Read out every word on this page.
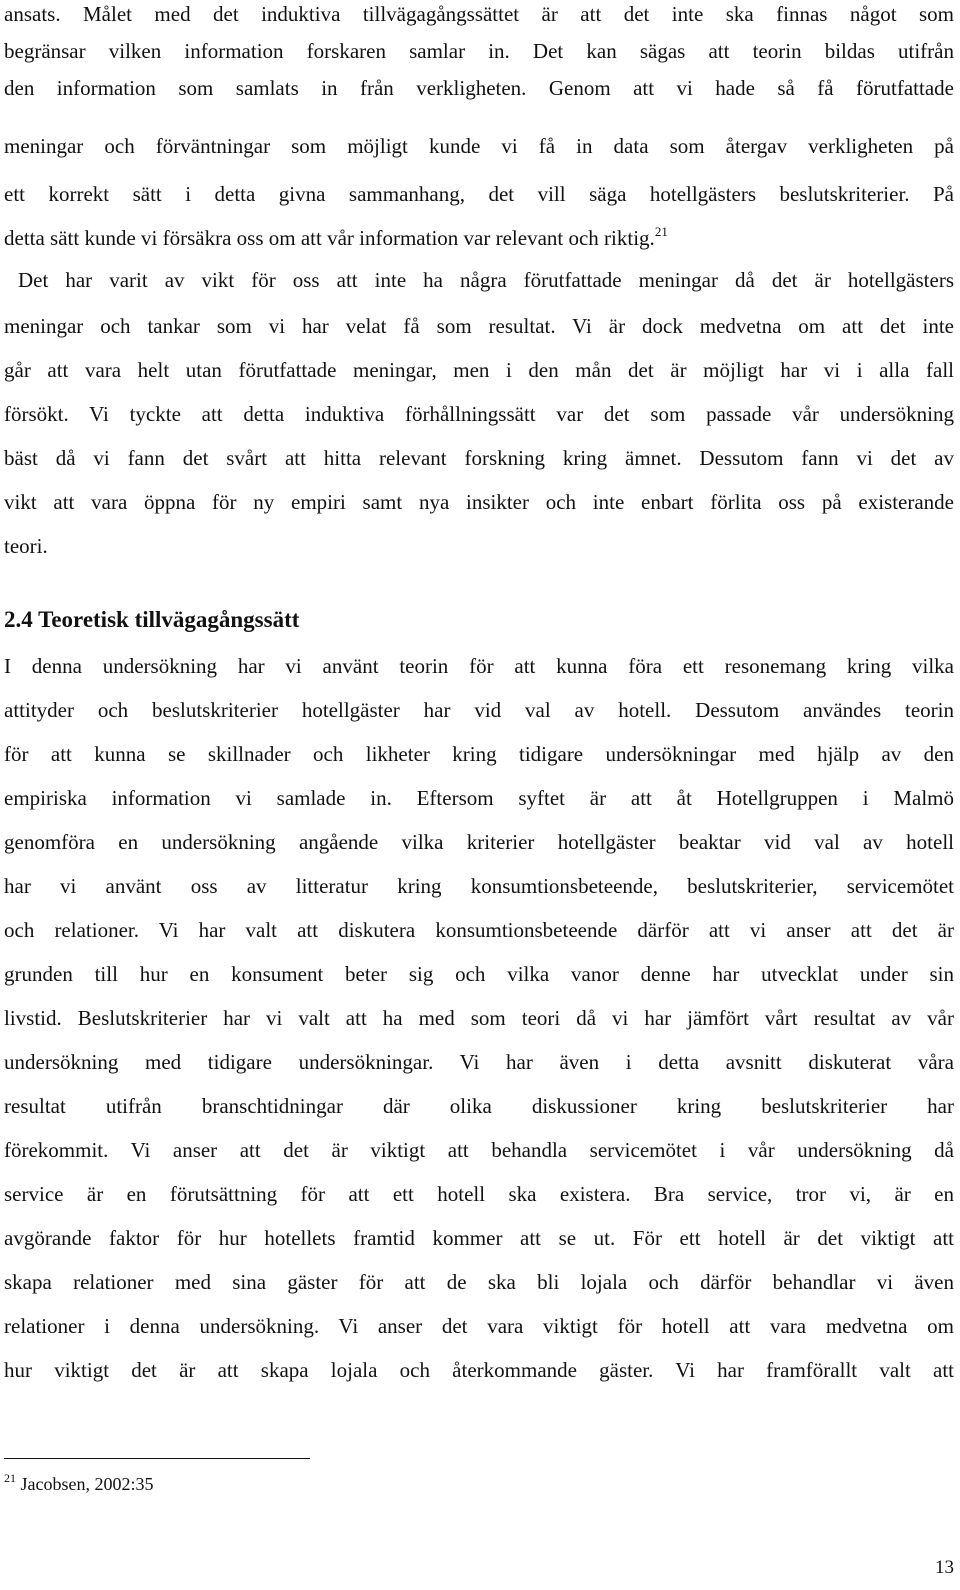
ansats. Målet med det induktiva tillvägagångssättet är att det inte ska finnas något som
begränsar vilken information forskaren samlar in. Det kan sägas att teorin bildas utifrån
den information som samlats in från verkligheten. Genom att vi hade så få förutfattade
meningar och förväntningar som möjligt kunde vi få in data som återgav verkligheten på
ett korrekt sätt i detta givna sammanhang, det vill säga hotellgästers beslutskriterier. På
detta sätt kunde vi försäkra oss om att vår information var relevant och riktig.$^{21}$
Det har varit av vikt för oss att inte ha några förutfattade meningar då det är hotellgästers
meningar och tankar som vi har velat få som resultat. Vi är dock medvetna om att det inte
går att vara helt utan förutfattade meningar, men i den mån det är möjligt har vi i alla fall
försökt. Vi tyckte att detta induktiva förhållningssätt var det som passade vår undersökning
bäst då vi fann det svårt att hitta relevant forskning kring ämnet. Dessutom fann vi det av
vikt att vara öppna för ny empiri samt nya insikter och inte enbart förlita oss på existerande
teori.
2.4 Teoretisk tillvägagångssätt
I denna undersökning har vi använt teorin för att kunna föra ett resonemang kring vilka
attityder och beslutskriterier hotellgäster har vid val av hotell. Dessutom användes teorin
för att kunna se skillnader och likheter kring tidigare undersökningar med hjälp av den
empiriska information vi samlade in. Eftersom syftet är att åt Hotellgruppen i Malmö
genomföra en undersökning angående vilka kriterier hotellgäster beaktar vid val av hotell
har vi använt oss av litteratur kring konsumtionsbeteende, beslutskriterier, servicemötet
och relationer. Vi har valt att diskutera konsumtionsbeteende därför att vi anser att det är
grunden till hur en konsument beter sig och vilka vanor denne har utvecklat under sin
livstid. Beslutskriterier har vi valt att ha med som teori då vi har jämfört vårt resultat av vår
undersökning med tidigare undersökningar. Vi har även i detta avsnitt diskuterat våra
resultat utifrån branschtidningar där olika diskussioner kring beslutskriterier har
förekommit. Vi anser att det är viktigt att behandla servicemötet i vår undersökning då
service är en förutsättning för att ett hotell ska existera. Bra service, tror vi, är en
avgörande faktor för hur hotellets framtid kommer att se ut. För ett hotell är det viktigt att
skapa relationer med sina gäster för att de ska bli lojala och därför behandlar vi även
relationer i denna undersökning. Vi anser det vara viktigt för hotell att vara medvetna om
hur viktigt det är att skapa lojala och återkommande gäster. Vi har framförallt valt att
$^{21}$ Jacobsen, 2002:35
13
